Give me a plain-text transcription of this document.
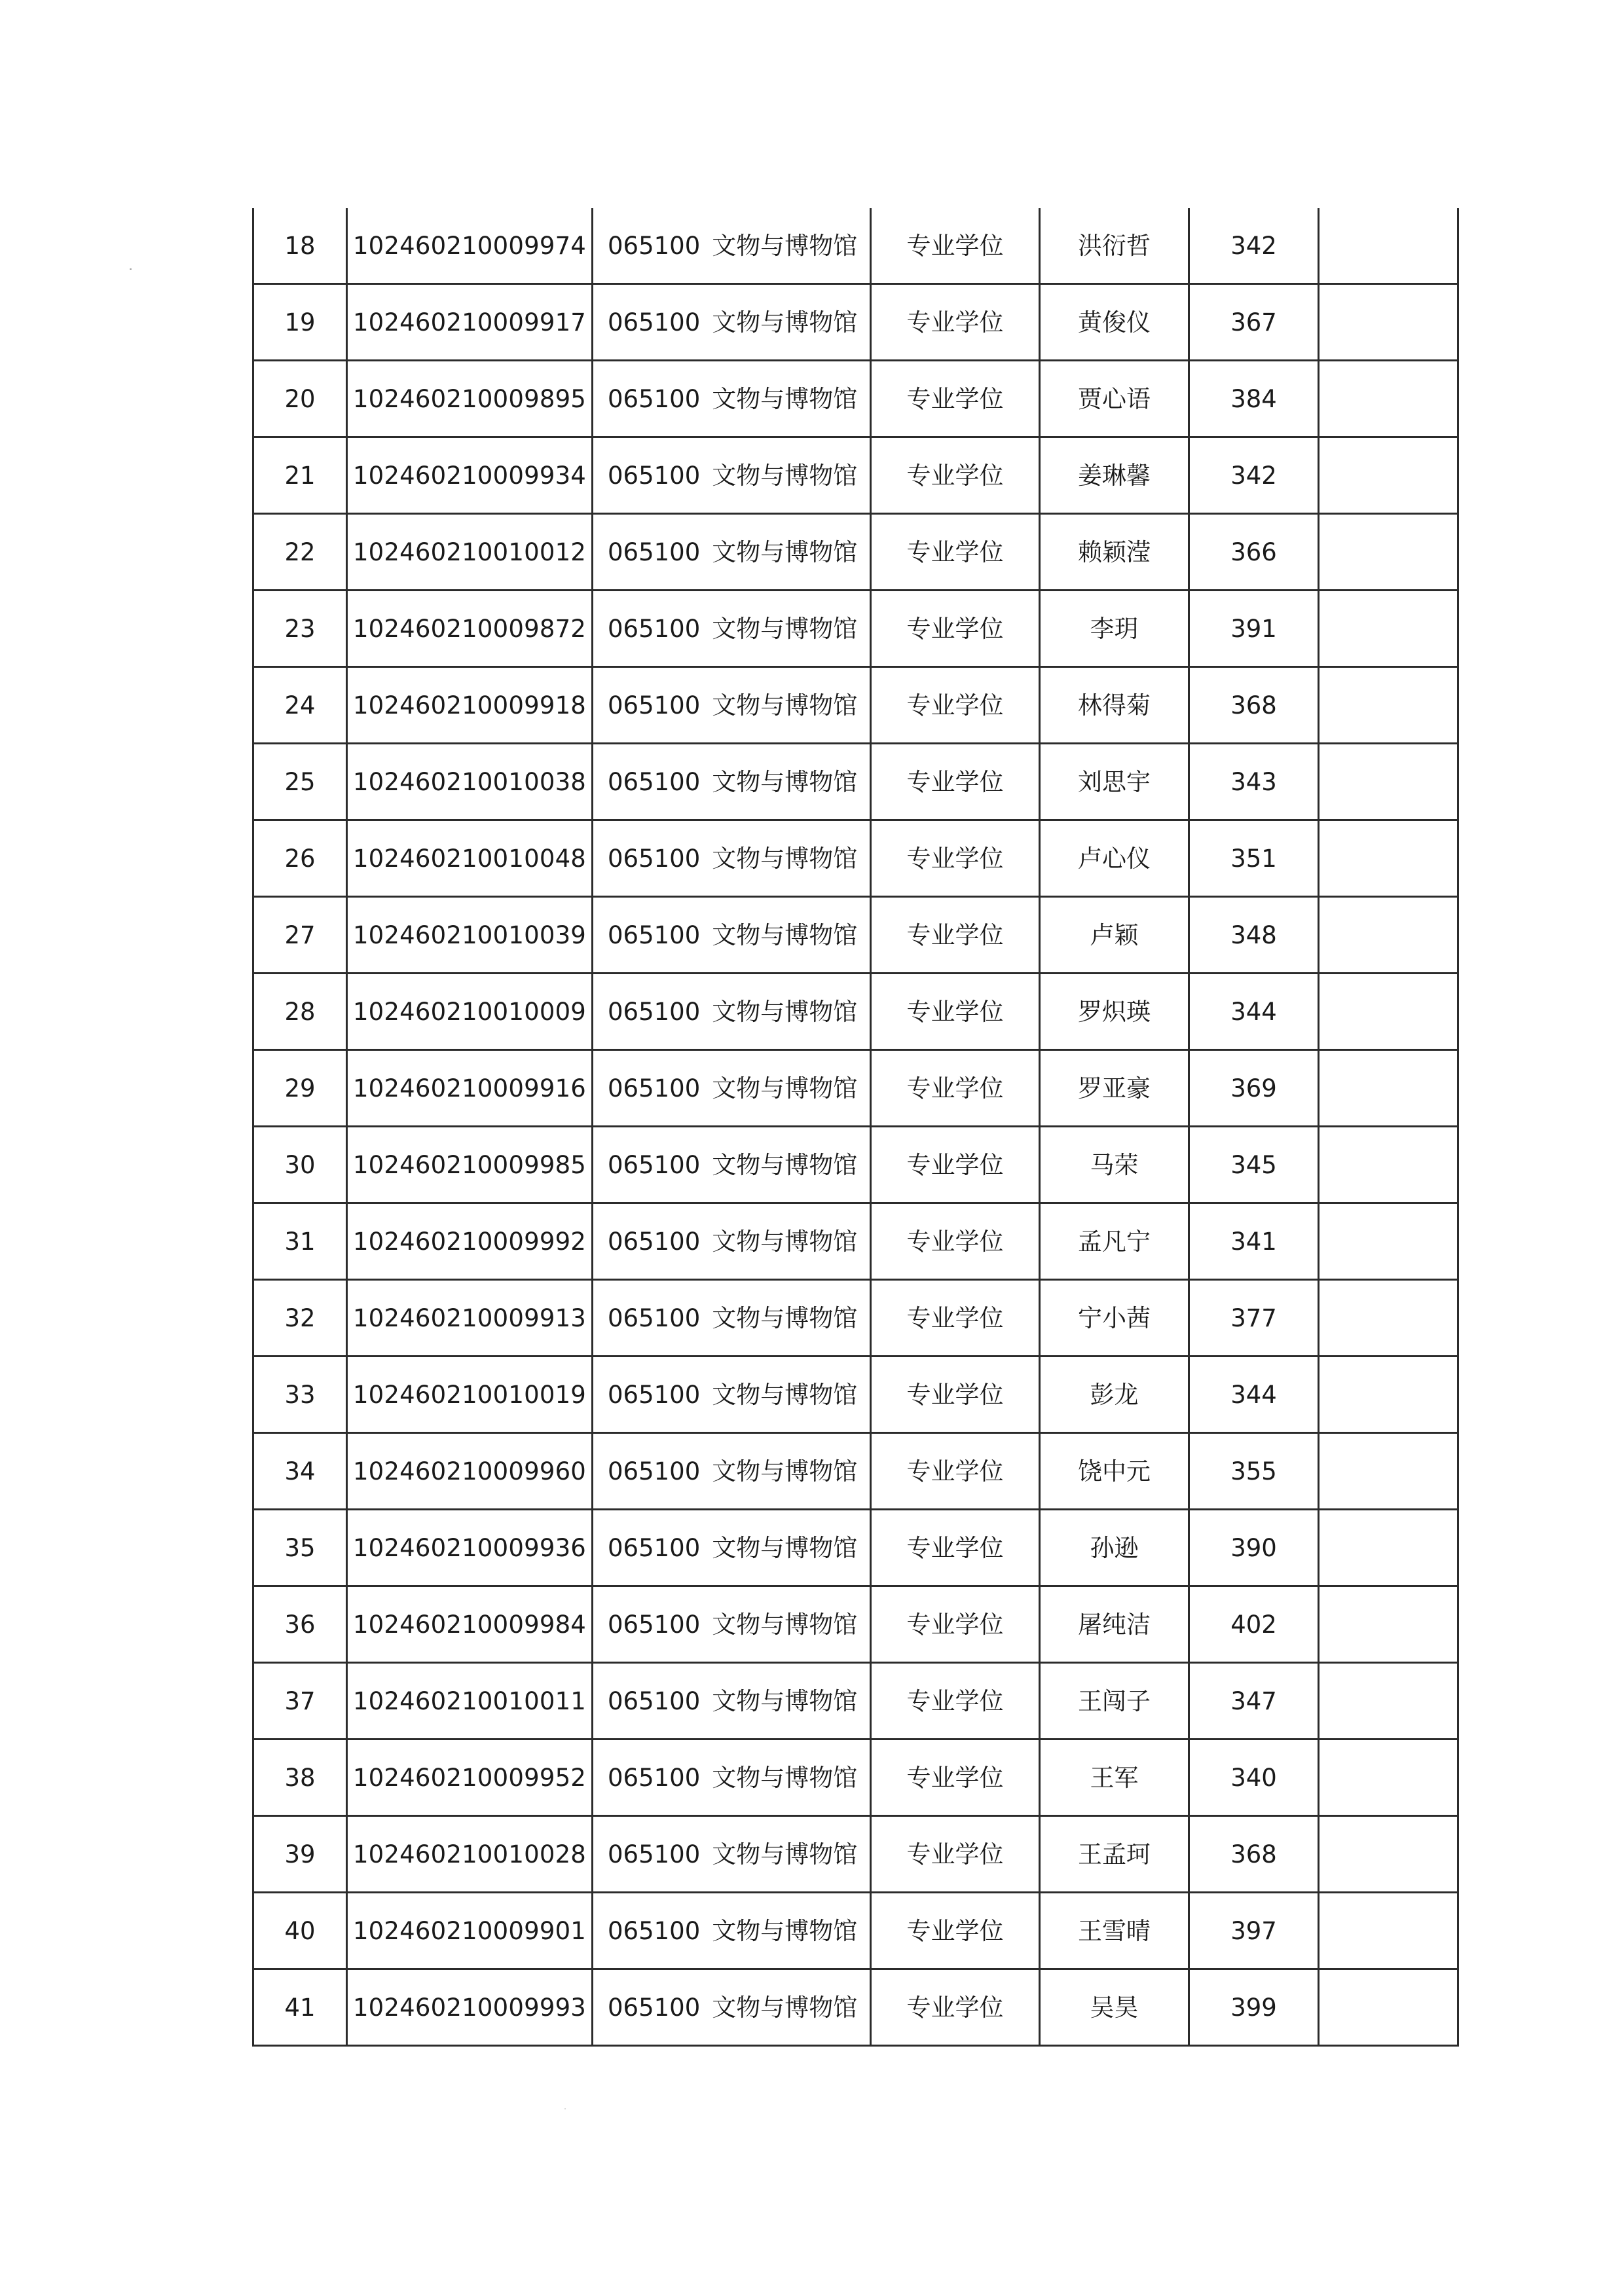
18	102460210009974	065100 文物与博物馆	专业学位	洪衍哲	342	
19	102460210009917	065100 文物与博物馆	专业学位	黄俊仪	367	
20	102460210009895	065100 文物与博物馆	专业学位	贾心语	384	
21	102460210009934	065100 文物与博物馆	专业学位	姜琳馨	342	
22	102460210010012	065100 文物与博物馆	专业学位	赖颖滢	366	
23	102460210009872	065100 文物与博物馆	专业学位	李玥	391	
24	102460210009918	065100 文物与博物馆	专业学位	林得菊	368	
25	102460210010038	065100 文物与博物馆	专业学位	刘思宇	343	
26	102460210010048	065100 文物与博物馆	专业学位	卢心仪	351	
27	102460210010039	065100 文物与博物馆	专业学位	卢颖	348	
28	102460210010009	065100 文物与博物馆	专业学位	罗炽瑛	344	
29	102460210009916	065100 文物与博物馆	专业学位	罗亚豪	369	
30	102460210009985	065100 文物与博物馆	专业学位	马荣	345	
31	102460210009992	065100 文物与博物馆	专业学位	孟凡宁	341	
32	102460210009913	065100 文物与博物馆	专业学位	宁小茜	377	
33	102460210010019	065100 文物与博物馆	专业学位	彭龙	344	
34	102460210009960	065100 文物与博物馆	专业学位	饶中元	355	
35	102460210009936	065100 文物与博物馆	专业学位	孙逊	390	
36	102460210009984	065100 文物与博物馆	专业学位	屠纯洁	402	
37	102460210010011	065100 文物与博物馆	专业学位	王闯子	347	
38	102460210009952	065100 文物与博物馆	专业学位	王军	340	
39	102460210010028	065100 文物与博物馆	专业学位	王孟珂	368	
40	102460210009901	065100 文物与博物馆	专业学位	王雪晴	397	
41	102460210009993	065100 文物与博物馆	专业学位	吴昊	399	
